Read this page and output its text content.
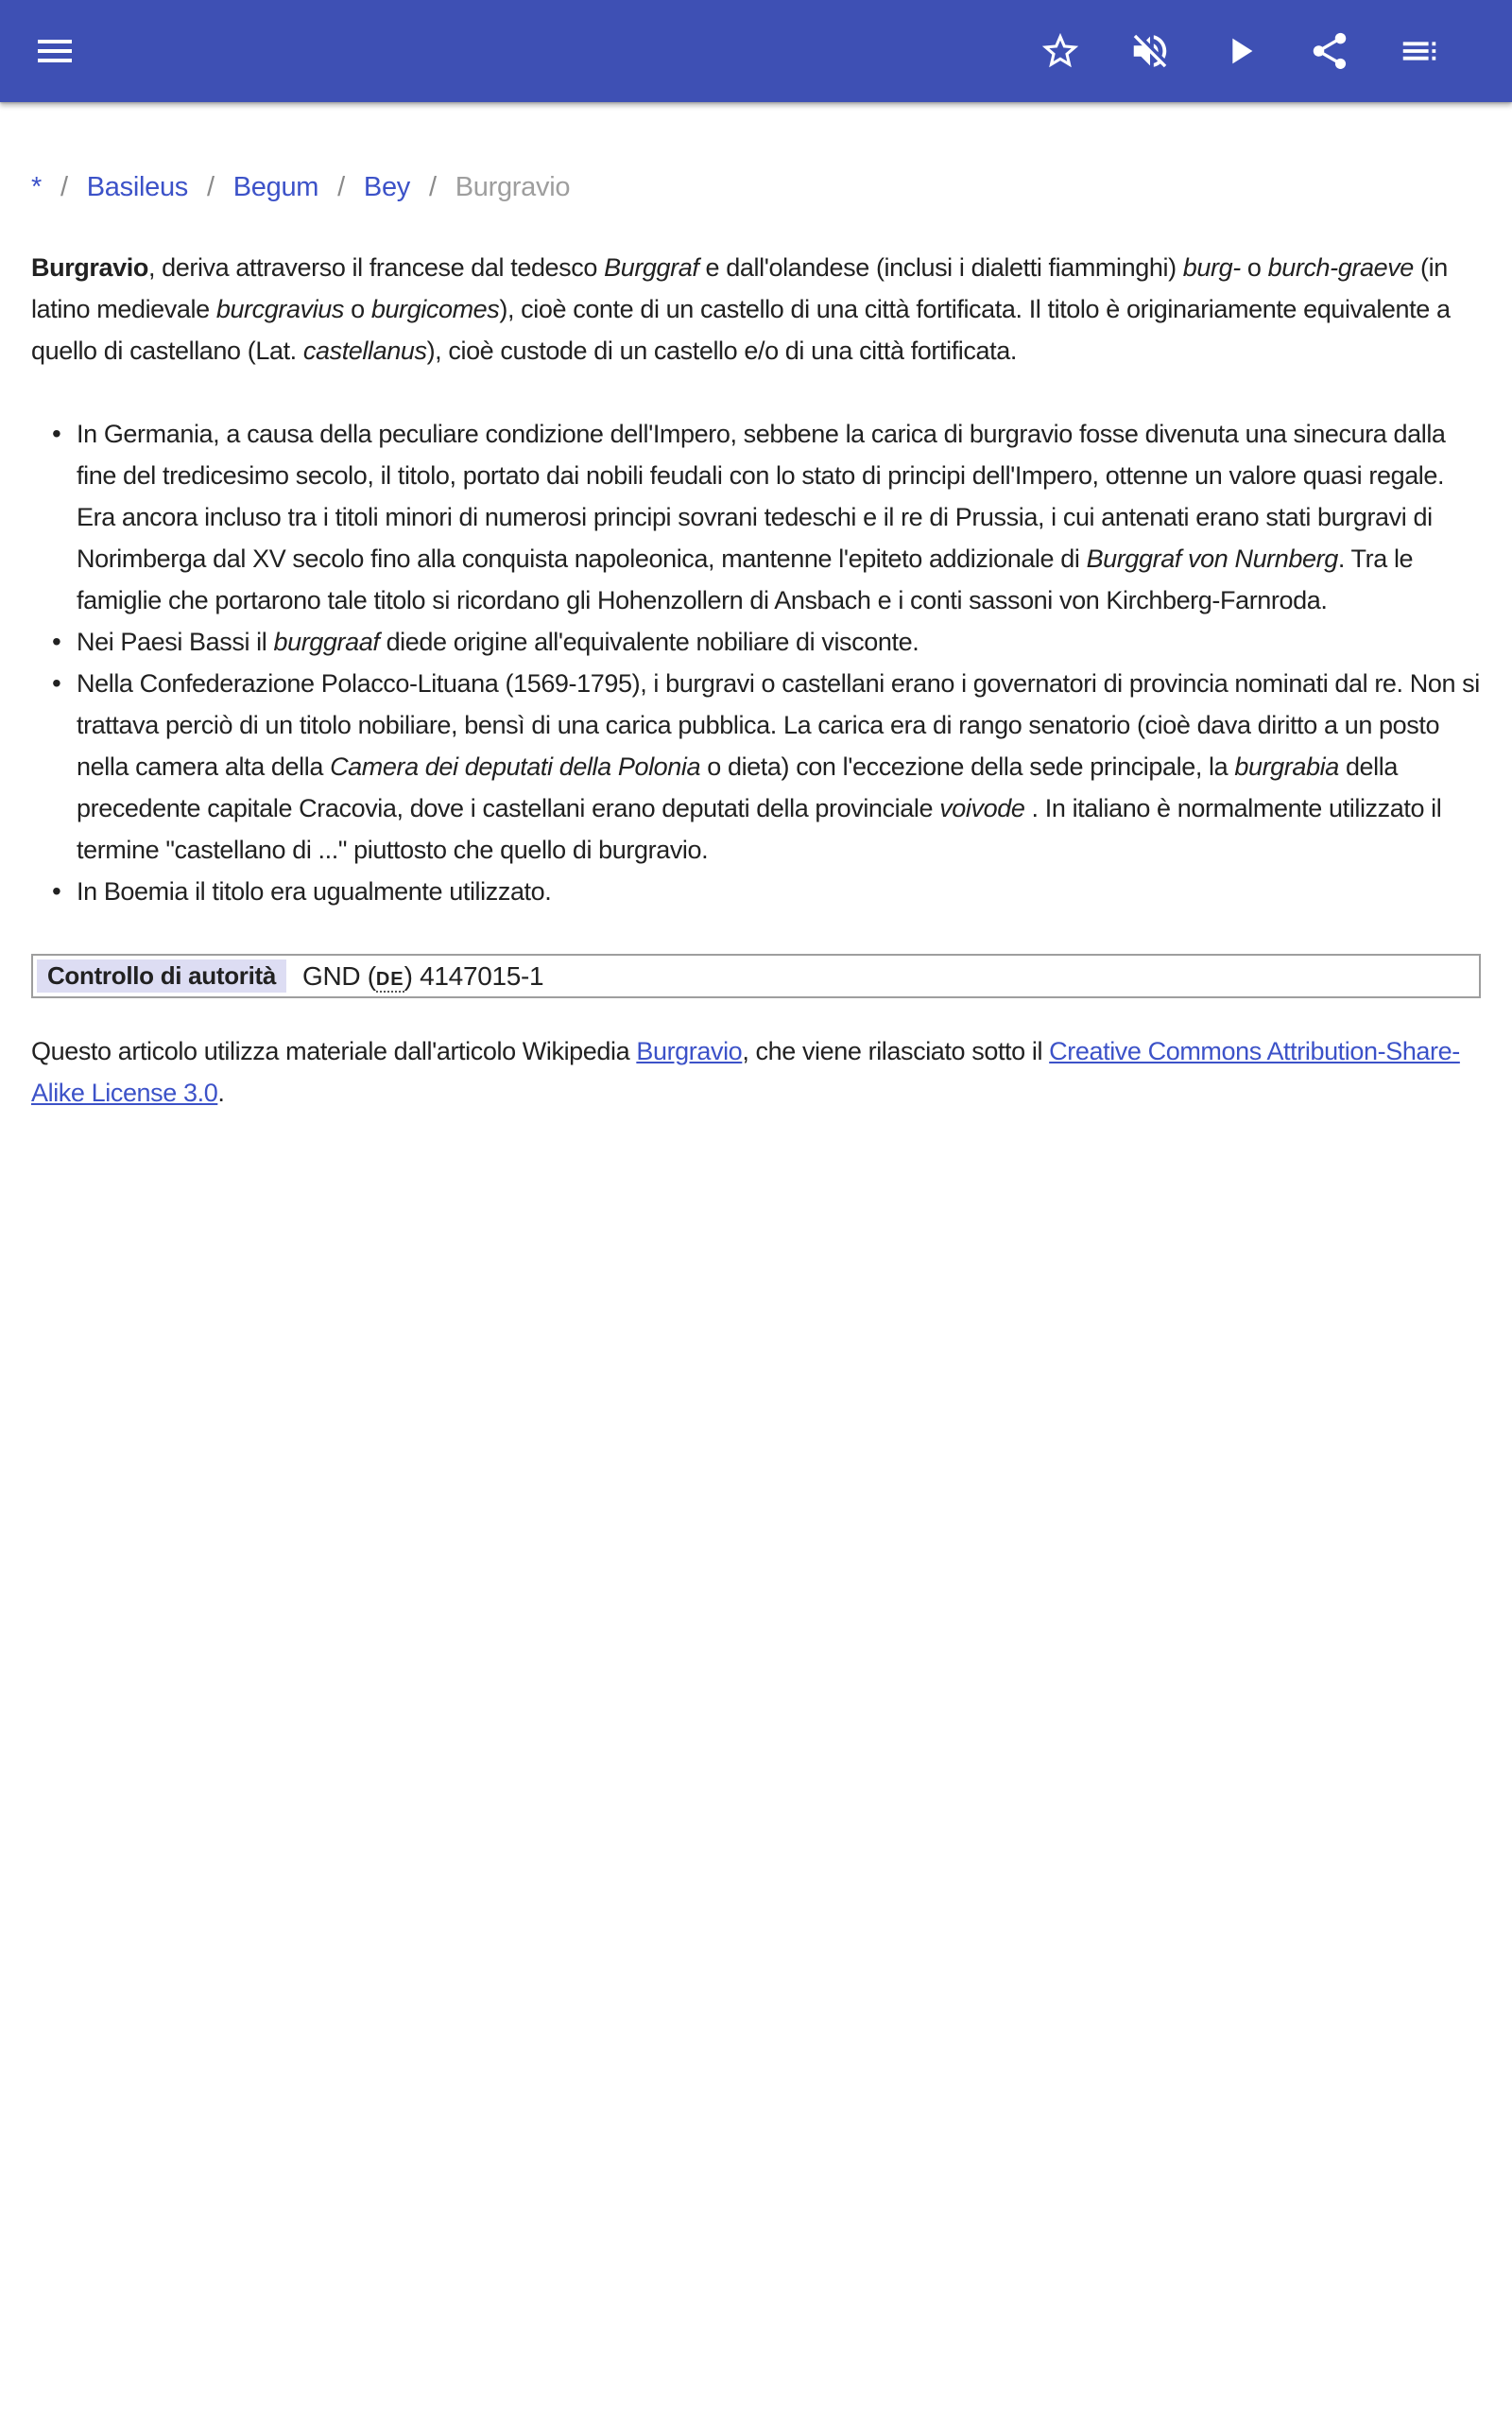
* / Basileus / Begum / Bey / Burgravio

Burgravio, deriva attraverso il francese dal tedesco Burggraf e dall'olandese (inclusi i dialetti fiamminghi) burg- o burch-graeve (in latino medievale burcgravius o burgicomes), cioè conte di un castello di una città fortificata. Il titolo è originariamente equivalente a quello di castellano (Lat. castellanus), cioè custode di un castello e/o di una città fortificata.

• In Germania, a causa della peculiare condizione dell'Impero, sebbene la carica di burgravio fosse divenuta una sinecura dalla fine del tredicesimo secolo, il titolo, portato dai nobili feudali con lo stato di principi dell'Impero, ottenne un valore quasi regale. Era ancora incluso tra i titoli minori di numerosi principi sovrani tedeschi e il re di Prussia, i cui antenati erano stati burgravi di Norimberga dal XV secolo fino alla conquista napoleonica, mantenne l'epiteto addizionale di Burggraf von Nurnberg. Tra le famiglie che portarono tale titolo si ricordano gli Hohenzollern di Ansbach e i conti sassoni von Kirchberg-Farnroda.
• Nei Paesi Bassi il burggraaf diede origine all'equivalente nobiliare di visconte.
• Nella Confederazione Polacco-Lituana (1569-1795), i burgravi o castellani erano i governatori di provincia nominati dal re. Non si trattava perciò di un titolo nobiliare, bensì di una carica pubblica. La carica era di rango senatorio (cioè dava diritto a un posto nella camera alta della Camera dei deputati della Polonia o dieta) con l'eccezione della sede principale, la burgrabia della precedente capitale Cracovia, dove i castellani erano deputati della provinciale voivode . In italiano è normalmente utilizzato il termine "castellano di ..." piuttosto che quello di burgravio.
• In Boemia il titolo era ugualmente utilizzato.
Controllo di autorità GND (DE) 4147015-1

Questo articolo utilizza materiale dall'articolo Wikipedia Burgravio, che viene rilasciato sotto il Creative Commons Attribution-Share-Alike License 3.0.
